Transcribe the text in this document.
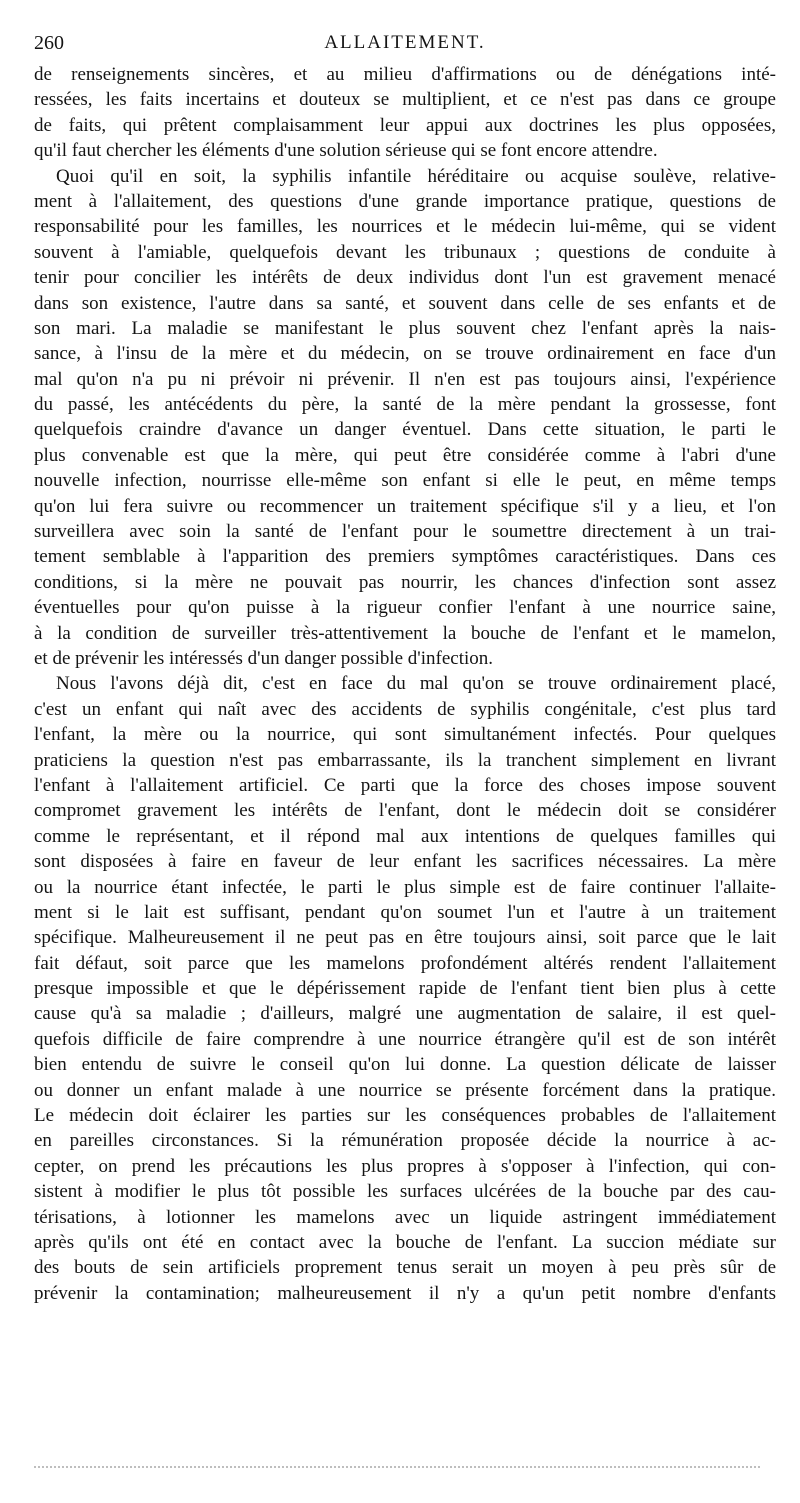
260	ALLAITEMENT.
de renseignements sincères, et au milieu d'affirmations ou de dénégations inté-
ressées, les faits incertains et douteux se multiplient, et ce n'est pas dans ce groupe
de faits, qui prêtent complaisamment leur appui aux doctrines les plus opposées,
qu'il faut chercher les éléments d'une solution sérieuse qui se font encore attendre.
Quoi qu'il en soit, la syphilis infantile héréditaire ou acquise soulève, relative-
ment à l'allaitement, des questions d'une grande importance pratique, questions de
responsabilité pour les familles, les nourrices et le médecin lui-même, qui se vident
souvent à l'amiable, quelquefois devant les tribunaux ; questions de conduite à
tenir pour concilier les intérêts de deux individus dont l'un est gravement menacé
dans son existence, l'autre dans sa santé, et souvent dans celle de ses enfants et de
son mari. La maladie se manifestant le plus souvent chez l'enfant après la nais-
sance, à l'insu de la mère et du médecin, on se trouve ordinairement en face d'un
mal qu'on n'a pu ni prévoir ni prévenir. Il n'en est pas toujours ainsi, l'expérience
du passé, les antécédents du père, la santé de la mère pendant la grossesse, font
quelquefois craindre d'avance un danger éventuel. Dans cette situation, le parti le
plus convenable est que la mère, qui peut être considérée comme à l'abri d'une
nouvelle infection, nourrisse elle-même son enfant si elle le peut, en même temps
qu'on lui fera suivre ou recommencer un traitement spécifique s'il y a lieu, et l'on
surveillera avec soin la santé de l'enfant pour le soumettre directement à un trai-
tement semblable à l'apparition des premiers symptômes caractéristiques. Dans ces
conditions, si la mère ne pouvait pas nourrir, les chances d'infection sont assez
éventuelles pour qu'on puisse à la rigueur confier l'enfant à une nourrice saine,
à la condition de surveiller très-attentivement la bouche de l'enfant et le mamelon,
et de prévenir les intéressés d'un danger possible d'infection.
Nous l'avons déjà dit, c'est en face du mal qu'on se trouve ordinairement placé,
c'est un enfant qui naît avec des accidents de syphilis congénitale, c'est plus tard
l'enfant, la mère ou la nourrice, qui sont simultanément infectés. Pour quelques
praticiens la question n'est pas embarrassante, ils la tranchent simplement en livrant
l'enfant à l'allaitement artificiel. Ce parti que la force des choses impose souvent
compromet gravement les intérêts de l'enfant, dont le médecin doit se considérer
comme le représentant, et il répond mal aux intentions de quelques familles qui
sont disposées à faire en faveur de leur enfant les sacrifices nécessaires. La mère
ou la nourrice étant infectée, le parti le plus simple est de faire continuer l'allaite-
ment si le lait est suffisant, pendant qu'on soumet l'un et l'autre à un traitement
spécifique. Malheureusement il ne peut pas en être toujours ainsi, soit parce que le lait
fait défaut, soit parce que les mamelons profondément altérés rendent l'allaitement
presque impossible et que le dépérissement rapide de l'enfant tient bien plus à cette
cause qu'à sa maladie ; d'ailleurs, malgré une augmentation de salaire, il est quel-
quefois difficile de faire comprendre à une nourrice étrangère qu'il est de son intérêt
bien entendu de suivre le conseil qu'on lui donne. La question délicate de laisser
ou donner un enfant malade à une nourrice se présente forcément dans la pratique.
Le médecin doit éclairer les parties sur les conséquences probables de l'allaitement
en pareilles circonstances. Si la rémunération proposée décide la nourrice à ac-
cepter, on prend les précautions les plus propres à s'opposer à l'infection, qui con-
sistent à modifier le plus tôt possible les surfaces ulcérées de la bouche par des cau-
térisations, à lotionner les mamelons avec un liquide astringent immédiatement
après qu'ils ont été en contact avec la bouche de l'enfant. La succion médiate sur
des bouts de sein artificiels proprement tenus serait un moyen à peu près sûr de
prévenir la contamination; malheureusement il n'y a qu'un petit nombre d'enfants
